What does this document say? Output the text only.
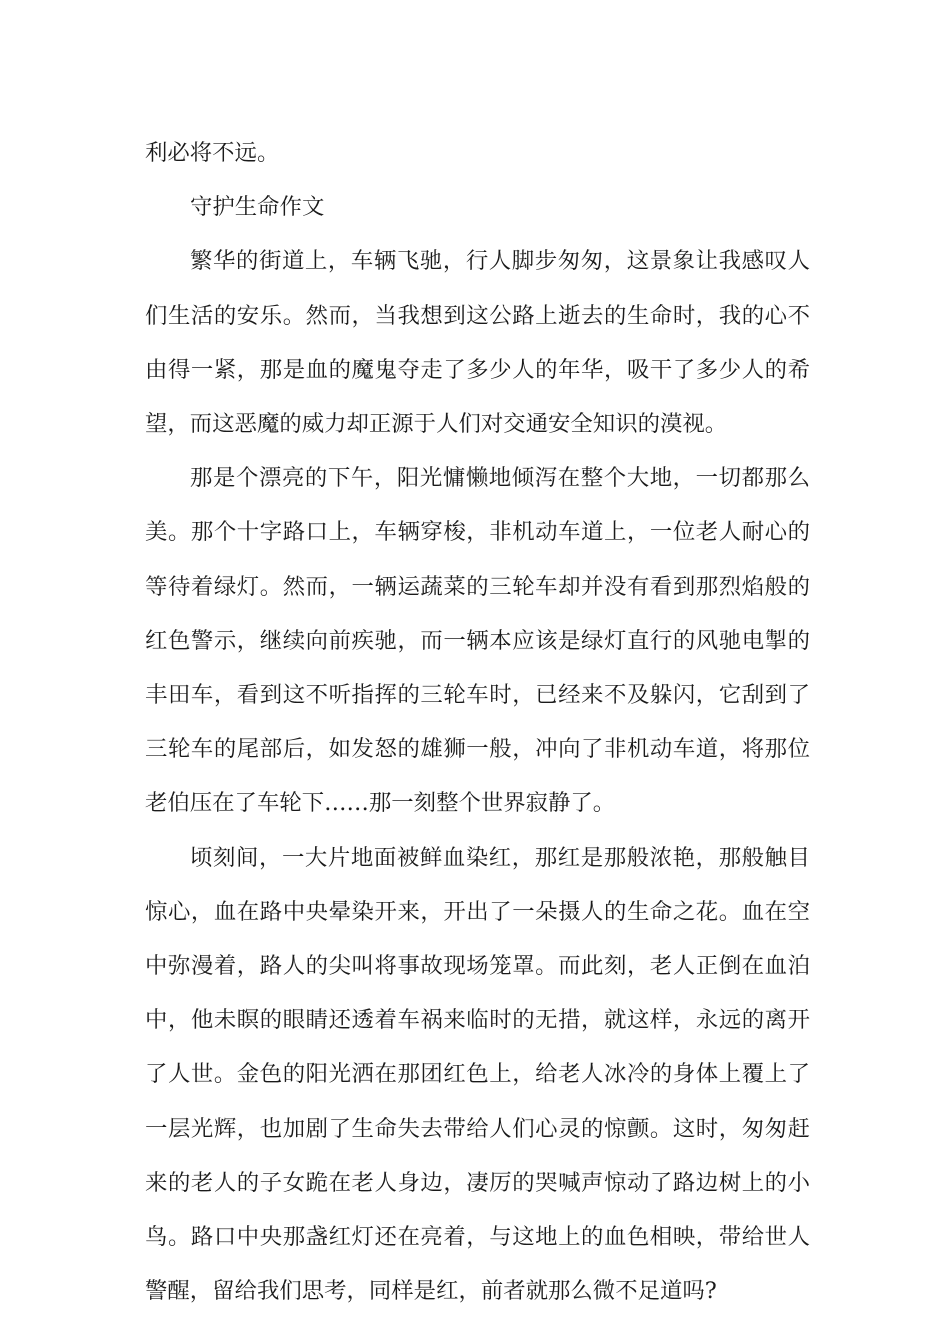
利必将不远。

守护生命作文

繁华的街道上，车辆飞驰，行人脚步匆匆，这景象让我感叹人们生活的安乐。然而，当我想到这公路上逝去的生命时，我的心不由得一紧，那是血的魔鬼夺走了多少人的年华，吸干了多少人的希望，而这恶魔的威力却正源于人们对交通安全知识的漠视。

那是个漂亮的下午，阳光慵懒地倾泻在整个大地，一切都那么美。那个十字路口上，车辆穿梭，非机动车道上，一位老人耐心的等待着绿灯。然而，一辆运蔬菜的三轮车却并没有看到那烈焰般的红色警示，继续向前疾驰，而一辆本应该是绿灯直行的风驰电掣的丰田车，看到这不听指挥的三轮车时，已经来不及躲闪，它刮到了三轮车的尾部后，如发怒的雄狮一般，冲向了非机动车道，将那位老伯压在了车轮下……那一刻整个世界寂静了。

顷刻间，一大片地面被鲜血染红，那红是那般浓艳，那般触目惊心，血在路中央晕染开来，开出了一朵摄人的生命之花。血在空中弥漫着，路人的尖叫将事故现场笼罩。而此刻，老人正倒在血泊中，他未瞑的眼睛还透着车祸来临时的无措，就这样，永远的离开了人世。金色的阳光洒在那团红色上，给老人冰冷的身体上覆上了一层光辉，也加剧了生命失去带给人们心灵的惊颤。这时，匆匆赶来的老人的子女跪在老人身边，凄厉的哭喊声惊动了路边树上的小鸟。路口中央那盏红灯还在亮着，与这地上的血色相映，带给世人警醒，留给我们思考，同样是红，前者就那么微不足道吗?
